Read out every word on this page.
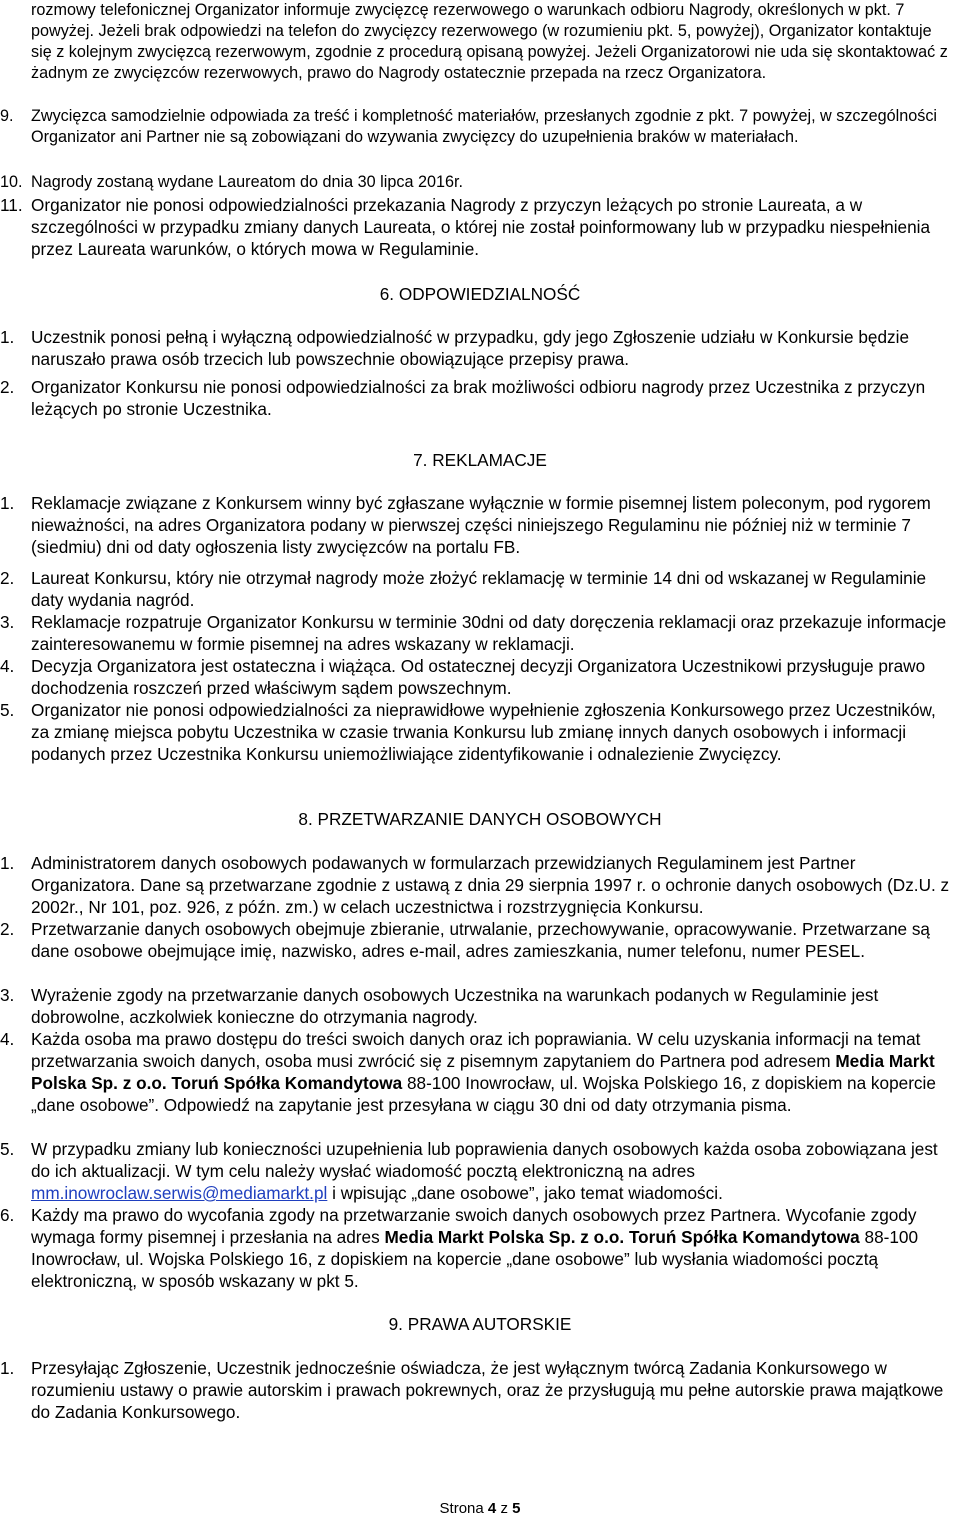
rozmowy telefonicznej Organizator informuje zwycięzcę rezerwowego o warunkach odbioru Nagrody, określonych w pkt. 7 powyżej. Jeżeli brak odpowiedzi na telefon do zwycięzcy rezerwowego (w rozumieniu pkt. 5, powyżej), Organizator kontaktuje się z kolejnym zwycięzcą rezerwowym, zgodnie z procedurą opisaną powyżej. Jeżeli Organizatorowi nie uda się skontaktować z żadnym ze zwycięzców rezerwowych, prawo do Nagrody ostatecznie przepada na rzecz Organizatora.
9.	Zwycięzca samodzielnie odpowiada za treść i kompletność materiałów, przesłanych zgodnie z pkt. 7 powyżej, w szczególności Organizator ani Partner nie są zobowiązani do wzywania zwycięzcy do uzupełnienia braków w materiałach.
10. Nagrody zostaną wydane Laureatom do dnia 30 lipca 2016r.
11. Organizator nie ponosi odpowiedzialności przekazania Nagrody z przyczyn leżących po stronie Laureata, a w szczególności w przypadku zmiany danych Laureata, o której nie został poinformowany lub w przypadku niespełnienia przez Laureata warunków, o których mowa w Regulaminie.
6. ODPOWIEDZIALNOŚĆ
1. Uczestnik ponosi pełną i wyłączną odpowiedzialność w przypadku, gdy jego Zgłoszenie udziału w Konkursie będzie naruszało prawa osób trzecich lub powszechnie obowiązujące przepisy prawa.
2. Organizator Konkursu nie ponosi odpowiedzialności za brak możliwości odbioru nagrody przez Uczestnika z przyczyn leżących po stronie Uczestnika.
7. REKLAMACJE
1. Reklamacje związane z Konkursem winny być zgłaszane wyłącznie w formie pisemnej listem poleconym, pod rygorem nieważności, na adres Organizatora podany w pierwszej części niniejszego Regulaminu nie później niż w terminie 7 (siedmiu) dni od daty ogłoszenia listy zwycięzców na portalu FB.
2. Laureat Konkursu, który nie otrzymał nagrody może złożyć reklamację w terminie 14 dni od wskazanej w Regulaminie daty wydania nagród.
3. Reklamacje rozpatruje Organizator Konkursu w terminie 30dni od daty doręczenia reklamacji oraz przekazuje informacje zainteresowanemu w formie pisemnej na adres wskazany w reklamacji.
4. Decyzja Organizatora jest ostateczna i wiążąca. Od ostatecznej decyzji Organizatora Uczestnikowi przysługuje prawo dochodzenia roszczeń przed właściwym sądem powszechnym.
5. Organizator nie ponosi odpowiedzialności za nieprawidłowe wypełnienie zgłoszenia Konkursowego przez Uczestników, za zmianę miejsca pobytu Uczestnika w czasie trwania Konkursu lub zmianę innych danych osobowych i informacji podanych przez Uczestnika Konkursu uniemożliwiające zidentyfikowanie i odnalezienie Zwycięzcy.
8. PRZETWARZANIE DANYCH OSOBOWYCH
1. Administratorem danych osobowych podawanych w formularzach przewidzianych Regulaminem jest Partner Organizatora. Dane są przetwarzane zgodnie z ustawą z dnia 29 sierpnia 1997 r. o ochronie danych osobowych (Dz.U. z 2002r., Nr 101, poz. 926, z późn. zm.) w celach uczestnictwa i rozstrzygnięcia Konkursu.
2. Przetwarzanie danych osobowych obejmuje zbieranie, utrwalanie, przechowywanie, opracowywanie. Przetwarzane są dane osobowe obejmujące imię, nazwisko, adres e-mail, adres zamieszkania, numer telefonu, numer PESEL.
3. Wyrażenie zgody na przetwarzanie danych osobowych Uczestnika na warunkach podanych w Regulaminie jest dobrowolne, aczkolwiek konieczne do otrzymania nagrody.
4. Każda osoba ma prawo dostępu do treści swoich danych oraz ich poprawiania. W celu uzyskania informacji na temat przetwarzania swoich danych, osoba musi zwrócić się z pisemnym zapytaniem do Partnera pod adresem Media Markt Polska Sp. z o.o. Toruń Spółka Komandytowa 88-100 Inowrocław, ul. Wojska Polskiego 16, z dopiskiem na kopercie „dane osobowe”. Odpowiedź na zapytanie jest przesyłana w ciągu 30 dni od daty otrzymania pisma.
5. W przypadku zmiany lub konieczności uzupełnienia lub poprawienia danych osobowych każda osoba zobowiązana jest do ich aktualizacji. W tym celu należy wysłać wiadomość pocztą elektroniczną na adres mm.inowroclaw.serwis@mediamarkt.pl i wpisując „dane osobowe”, jako temat wiadomości.
6. Każdy ma prawo do wycofania zgody na przetwarzanie swoich danych osobowych przez Partnera. Wycofanie zgody wymaga formy pisemnej i przesłania na adres Media Markt Polska Sp. z o.o. Toruń Spółka Komandytowa 88-100 Inowrocław, ul. Wojska Polskiego 16, z dopiskiem na kopercie „dane osobowe” lub wysłania wiadomości pocztą elektroniczną, w sposób wskazany w pkt 5.
9. PRAWA AUTORSKIE
1. Przesyłając Zgłoszenie, Uczestnik jednocześnie oświadcza, że jest wyłącznym twórcą Zadania Konkursowego w rozumieniu ustawy o prawie autorskim i prawach pokrewnych, oraz że przysługują mu pełne autorskie prawa majątkowe do Zadania Konkursowego.
Strona 4 z 5
